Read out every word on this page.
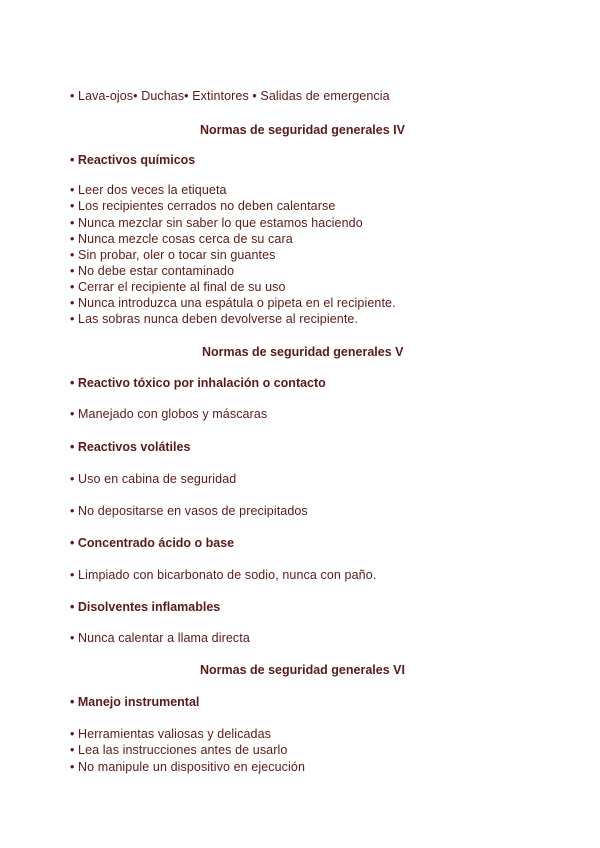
• Lava-ojos• Duchas• Extintores • Salidas de emergencia
Normas de seguridad generales IV
• Reactivos químicos
• Leer dos veces la etiqueta
• Los recipientes cerrados no deben calentarse
• Nunca mezclar sin saber lo que estamos haciendo
• Nunca mezcle cosas cerca de su cara
• Sin probar, oler o tocar sin guantes
• No debe estar contaminado
• Cerrar el recipiente al final de su uso
• Nunca introduzca una espátula o pipeta en el recipiente.
• Las sobras nunca deben devolverse al recipiente.
Normas de seguridad generales V
• Reactivo tóxico por inhalación o contacto
• Manejado con globos y máscaras
• Reactivos volátiles
• Uso en cabina de seguridad
• No depositarse en vasos de precipitados
• Concentrado ácido o base
• Limpiado con bicarbonato de sodio, nunca con paño.
• Disolventes inflamables
• Nunca calentar a llama directa
Normas de seguridad generales VI
• Manejo instrumental
• Herramientas valiosas y delicadas
• Lea las instrucciones antes de usarlo
• No manipule un dispositivo en ejecución
